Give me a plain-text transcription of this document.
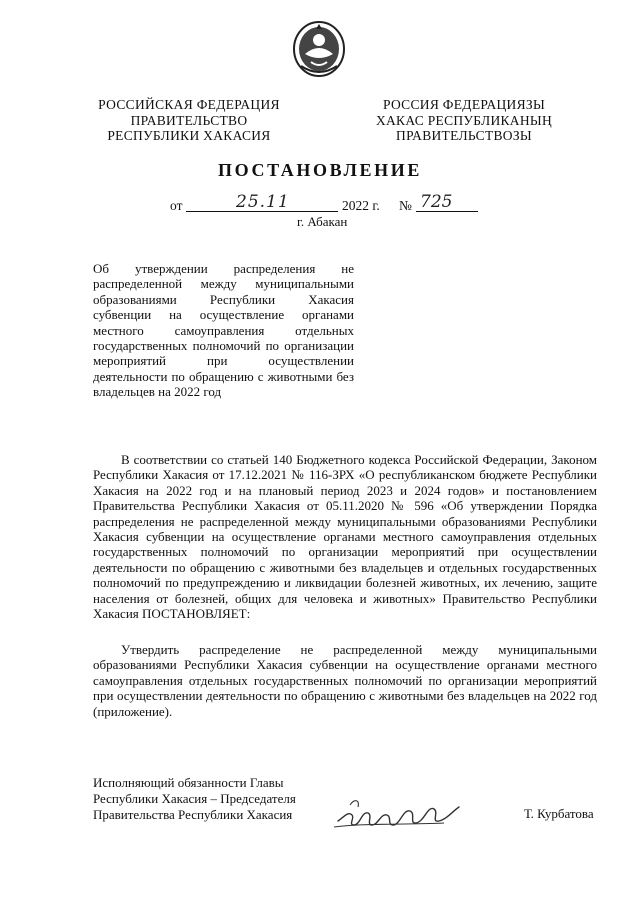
РОССИЙСКАЯ ФЕДЕРАЦИЯ
ПРАВИТЕЛЬСТВО
РЕСПУБЛИКИ ХАКАСИЯ
РОССИЯ ФЕДЕРАЦИЯЗЫ
ХАКАС РЕСПУБЛИКАНЫҢ
ПРАВИТЕЛЬСТВОЗЫ
ПОСТАНОВЛЕНИЕ
от	25.11	2022 г. № 725
г. Абакан
Об утверждении распределения не распределенной между муниципальными образованиями Республики Хакасия субвенции на осуществление органами местного самоуправления отдельных государственных полномочий по организации мероприятий при осуществлении деятельности по обращению с животными без владельцев на 2022 год

В соответствии со статьей 140 Бюджетного кодекса Российской Федерации, Законом Республики Хакасия от 17.12.2021 № 116-ЗРХ «О республиканском бюджете Республики Хакасия на 2022 год и на плановый период 2023 и 2024 годов» и постановлением Правительства Республики Хакасия от 05.11.2020 № 596 «Об утверждении Порядка распределения не распределенной между муниципальными образованиями Республики Хакасия субвенции на осуществление органами местного самоуправления отдельных государственных полномочий по организации мероприятий при осуществлении деятельности по обращению с животными без владельцев и отдельных государственных полномочий по предупреждению и ликвидации болезней животных, их лечению, защите населения от болезней, общих для человека и животных» Правительство Республики Хакасия ПОСТАНОВЛЯЕТ:

Утвердить распределение не распределенной между муниципальными образованиями Республики Хакасия субвенции на осуществление органами местного самоуправления отдельных государственных полномочий по организации мероприятий при осуществлении деятельности по обращению с животными без владельцев на 2022 год (приложение).

Исполняющий обязанности Главы
Республики Хакасия – Председателя
Правительства Республики Хакасия	Т. Курбатова
